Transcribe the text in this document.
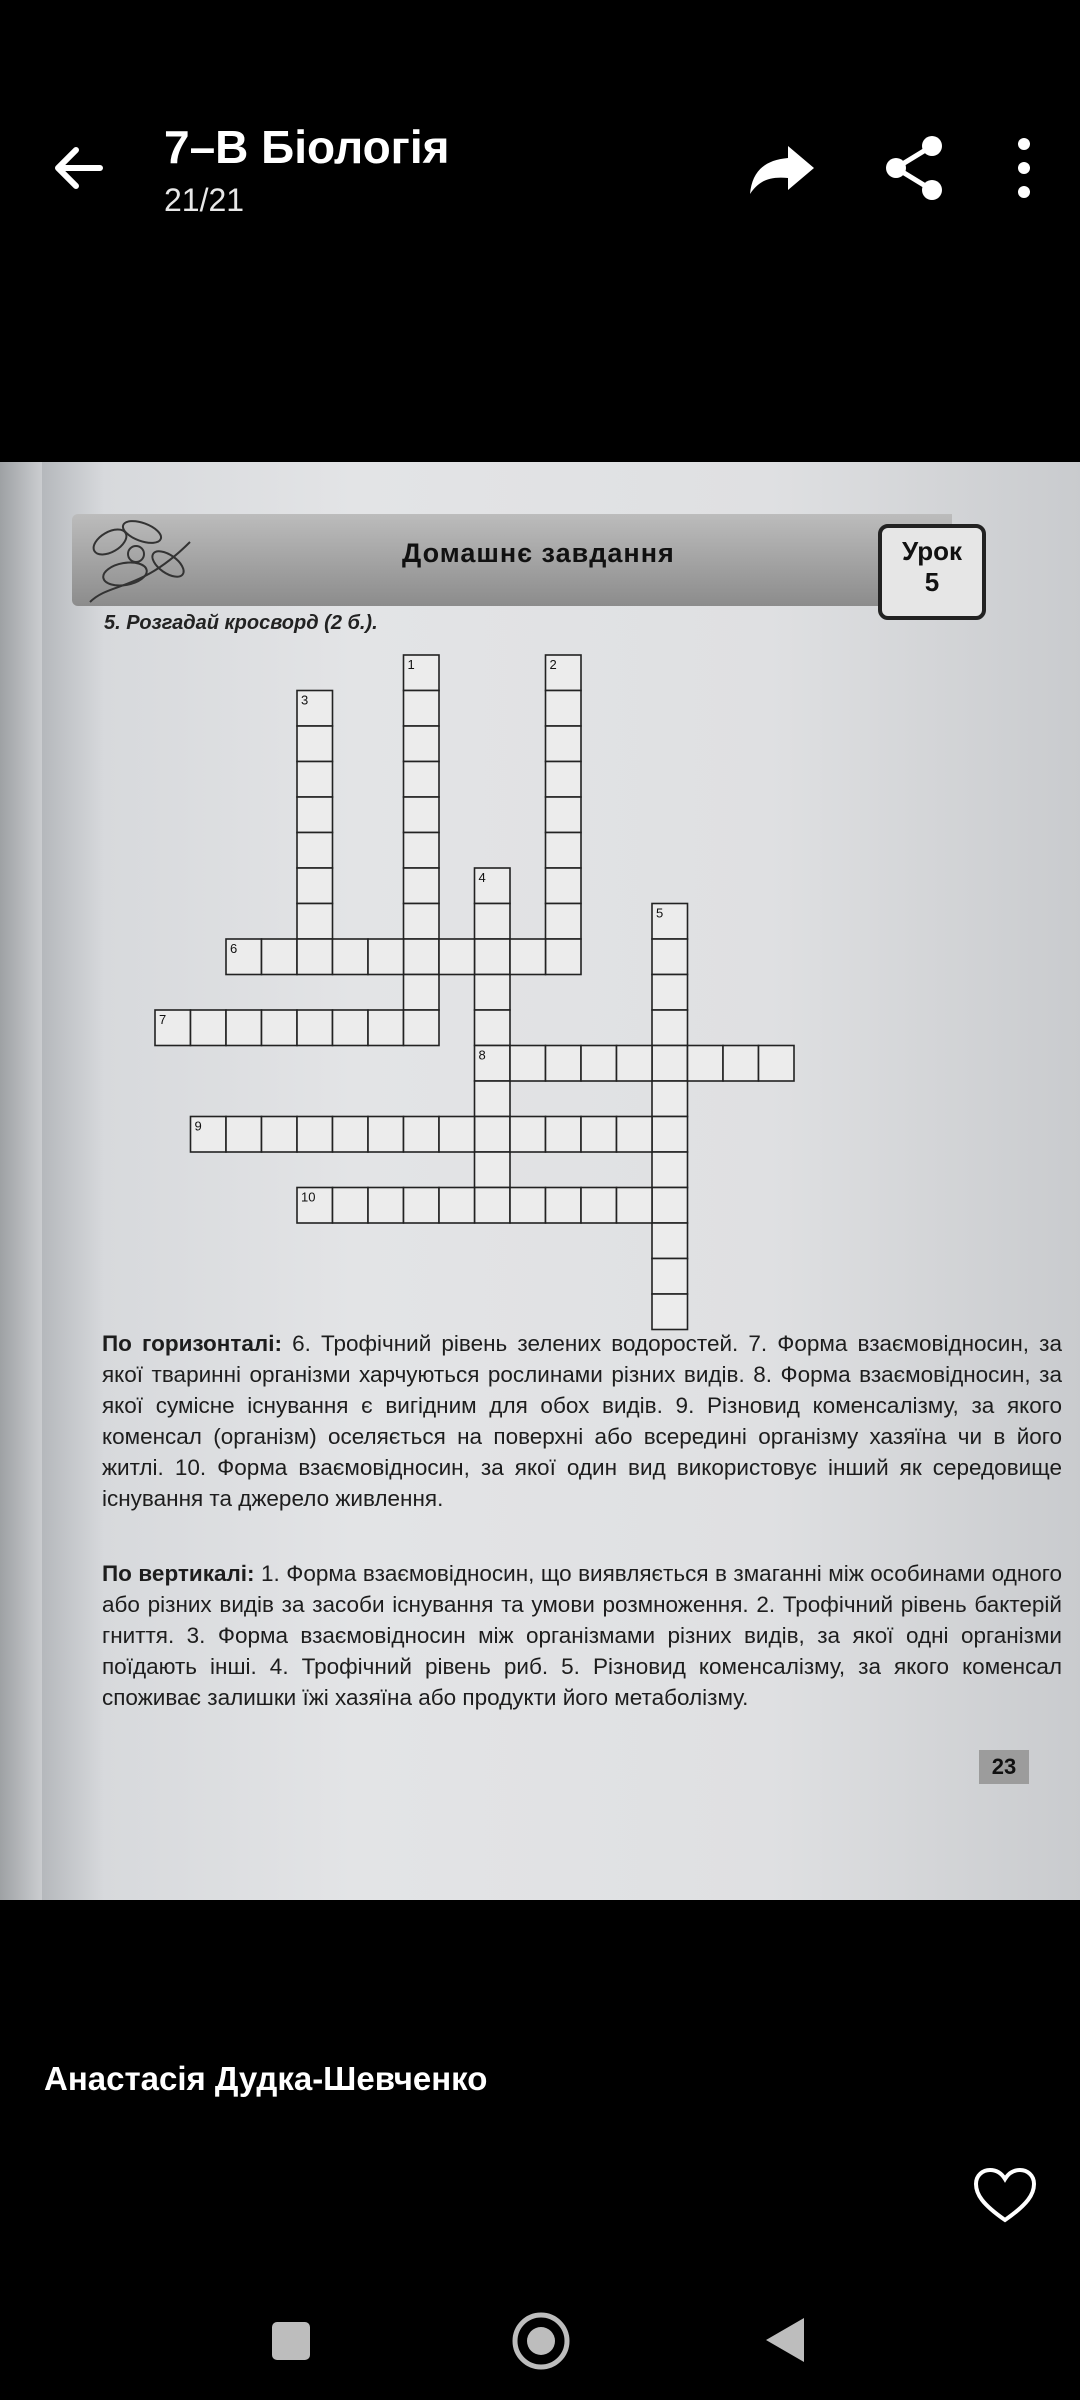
7–В Біологія
21/21
Домашнє завдання	Урок
5
5. Розгадай кросворд (2 б.).
1	2
3
4
5
6
7
8
9
10
По горизонталі: 6. Трофічний рівень зелених водоростей. 7. Форма взаємовідносин, за якої тваринні організми харчуються рослинами різних видів. 8. Форма взаємовідносин, за якої сумісне існування є вигідним для обох видів. 9. Різновид коменсалізму, за якого коменсал (організм) оселяється на поверхні або всередині організму хазяїна чи в його житлі. 10. Форма взаємовідносин, за якої один вид використовує інший як середовище існування та джерело живлення.
По вертикалі: 1. Форма взаємовідносин, що виявляється в змаганні між особинами одного або різних видів за засоби існування та умови розмноження. 2. Трофічний рівень бактерій гниття. 3. Форма взаємовідносин між організмами різних видів, за якої одні організми поїдають інші. 4. Трофічний рівень риб. 5. Різновид коменсалізму, за якого коменсал споживає залишки їжі хазяїна або продукти його метаболізму.
23
Анастасія Дудка-Шевченко
